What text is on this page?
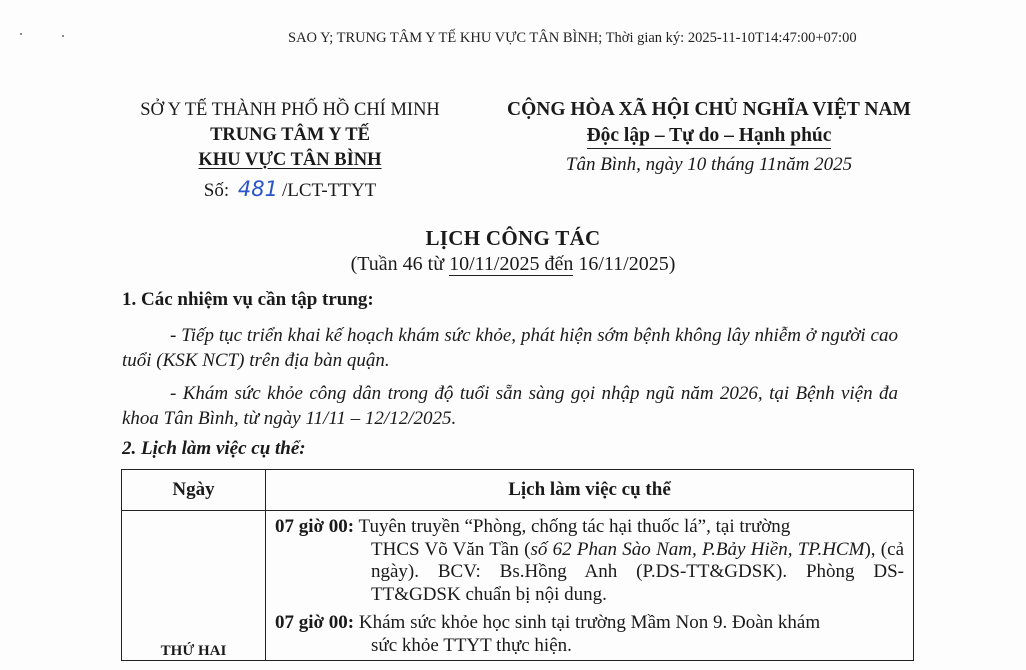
SAO Y; TRUNG TÂM Y TẾ KHU VỰC TÂN BÌNH; Thời gian ký: 2025-11-10T14:47:00+07:00
SỞ Y TẾ THÀNH PHỐ HỒ CHÍ MINH
TRUNG TÂM Y TẾ
KHU VỰC TÂN BÌNH
Số: 481 /LCT-TTYT
CỘNG HÒA XÃ HỘI CHỦ NGHĨA VIỆT NAM
Độc lập – Tự do – Hạnh phúc
Tân Bình, ngày 10 tháng 11năm 2025
LỊCH CÔNG TÁC
(Tuần 46 từ 10/11/2025 đến 16/11/2025)
1. Các nhiệm vụ cần tập trung:
- Tiếp tục triển khai kế hoạch khám sức khỏe, phát hiện sớm bệnh không lây nhiễm ở người cao tuổi (KSK NCT) trên địa bàn quận.
- Khám sức khỏe công dân trong độ tuổi sẵn sàng gọi nhập ngũ năm 2026, tại Bệnh viện đa khoa Tân Bình, từ ngày 11/11 – 12/12/2025.
2. Lịch làm việc cụ thể:
Ngày	Lịch làm việc cụ thể
THỨ HAI	07 giờ 00: Tuyên truyền “Phòng, chống tác hại thuốc lá”, tại trường
THCS Võ Văn Tần (số 62 Phan Sào Nam, P.Bảy Hiền, TP.HCM), (cả ngày). BCV: Bs.Hồng Anh (P.DS-TT&GDSK). Phòng DS-TT&GDSK chuẩn bị nội dung.
07 giờ 00: Khám sức khỏe học sinh tại trường Mầm Non 9. Đoàn khám
sức khỏe TTYT thực hiện.
